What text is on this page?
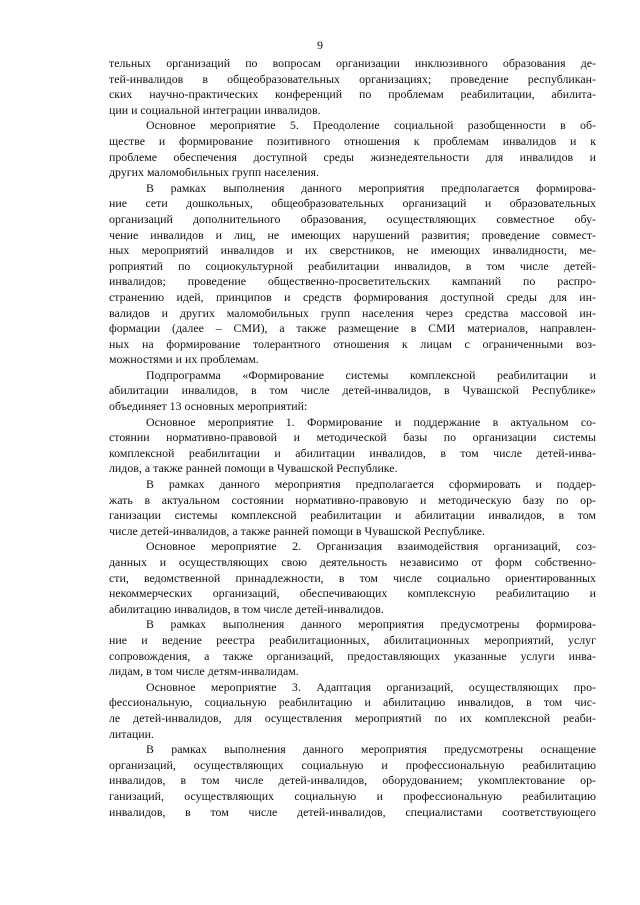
9
тельных организаций по вопросам организации инклюзивного образования де-
тей-инвалидов в общеобразовательных организациях; проведение республикан-
ских научно-практических конференций по проблемам реабилитации, абилита-
ции и социальной интеграции инвалидов.
Основное мероприятие 5. Преодоление социальной разобщенности в об-
ществе и формирование позитивного отношения к проблемам инвалидов и к
проблеме обеспечения доступной среды жизнедеятельности для инвалидов и
других маломобильных групп населения.
В рамках выполнения данного мероприятия предполагается формирова-
ние сети дошкольных, общеобразовательных организаций и образовательных
организаций дополнительного образования, осуществляющих совместное обу-
чение инвалидов и лиц, не имеющих нарушений развития; проведение совмест-
ных мероприятий инвалидов и их сверстников, не имеющих инвалидности, ме-
роприятий по социокультурной реабилитации инвалидов, в том числе детей-
инвалидов; проведение общественно-просветительских кампаний по распро-
странению идей, принципов и средств формирования доступной среды для ин-
валидов и других маломобильных групп населения через средства массовой ин-
формации (далее – СМИ), а также размещение в СМИ материалов, направлен-
ных на формирование толерантного отношения к лицам с ограниченными воз-
можностями и их проблемам.
Подпрограмма «Формирование системы комплексной реабилитации и
абилитации инвалидов, в том числе детей-инвалидов, в Чувашской Республике»
объединяет 13 основных мероприятий:
Основное мероприятие 1. Формирование и поддержание в актуальном со-
стоянии нормативно-правовой и методической базы по организации системы
комплексной реабилитации и абилитации инвалидов, в том числе детей-инва-
лидов, а также ранней помощи в Чувашской Республике.
В рамках данного мероприятия предполагается сформировать и поддер-
жать в актуальном состоянии нормативно-правовую и методическую базу по ор-
ганизации системы комплексной реабилитации и абилитации инвалидов, в том
числе детей-инвалидов, а также ранней помощи в Чувашской Республике.
Основное мероприятие 2. Организация взаимодействия организаций, соз-
данных и осуществляющих свою деятельность независимо от форм собственно-
сти, ведомственной принадлежности, в том числе социально ориентированных
некоммерческих организаций, обеспечивающих комплексную реабилитацию и
абилитацию инвалидов, в том числе детей-инвалидов.
В рамках выполнения данного мероприятия предусмотрены формирова-
ние и ведение реестра реабилитационных, абилитационных мероприятий, услуг
сопровождения, а также организаций, предоставляющих указанные услуги инва-
лидам, в том числе детям-инвалидам.
Основное мероприятие 3. Адаптация организаций, осуществляющих про-
фессиональную, социальную реабилитацию и абилитацию инвалидов, в том чис-
ле детей-инвалидов, для осуществления мероприятий по их комплексной реаби-
литации.
В рамках выполнения данного мероприятия предусмотрены оснащение
организаций, осуществляющих социальную и профессиональную реабилитацию
инвалидов, в том числе детей-инвалидов, оборудованием; укомплектование ор-
ганизаций, осуществляющих социальную и профессиональную реабилитацию
инвалидов, в том числе детей-инвалидов, специалистами соответствующего
